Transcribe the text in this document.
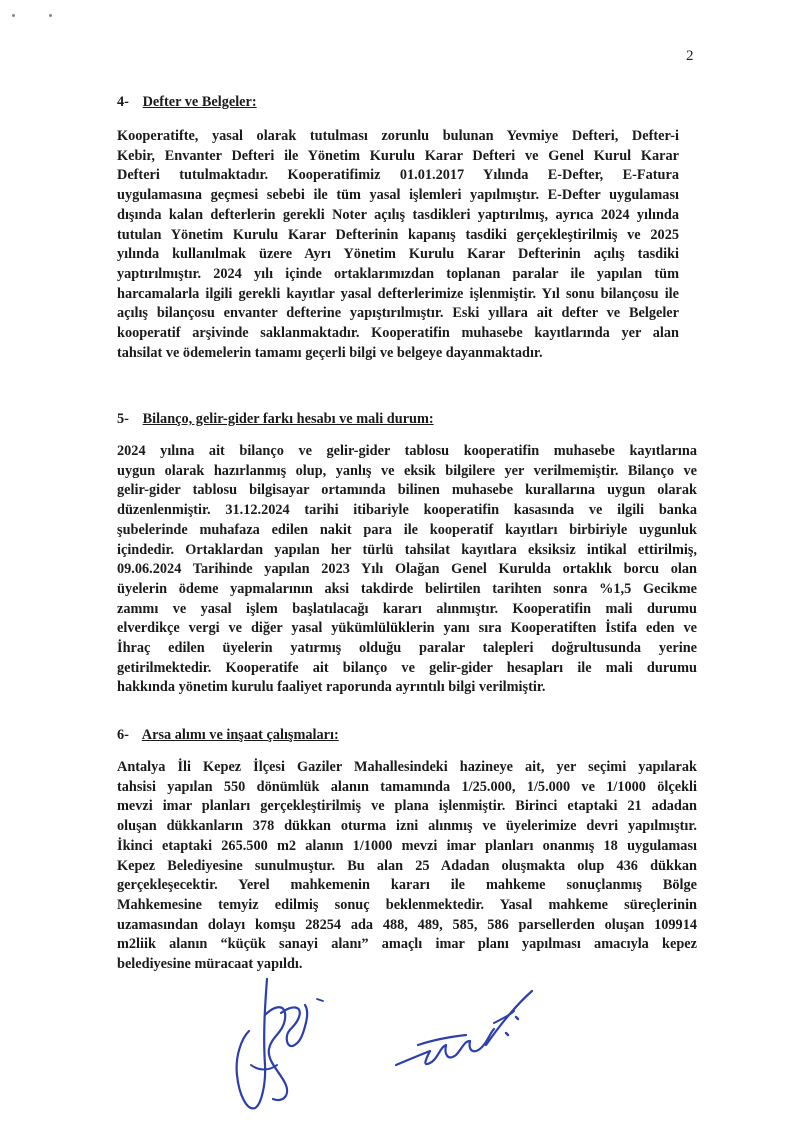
2
4- Defter ve Belgeler:
Kooperatifte, yasal olarak tutulması zorunlu bulunan Yevmiye Defteri, Defter-i
Kebir, Envanter Defteri ile Yönetim Kurulu Karar Defteri ve Genel Kurul Karar
Defteri tutulmaktadır. Kooperatifimiz 01.01.2017 Yılında E-Defter, E-Fatura
uygulamasına geçmesi sebebi ile tüm yasal işlemleri yapılmıştır. E-Defter uygulaması
dışında kalan defterlerin gerekli Noter açılış tasdikleri yaptırılmış, ayrıca 2024 yılında
tutulan Yönetim Kurulu Karar Defterinin kapanış tasdiki gerçekleştirilmiş ve 2025
yılında kullanılmak üzere Ayrı Yönetim Kurulu Karar Defterinin açılış tasdiki
yaptırılmıştır. 2024 yılı içinde ortaklarımızdan toplanan paralar ile yapılan tüm
harcamalarla ilgili gerekli kayıtlar yasal defterlerimize işlenmiştir. Yıl sonu bilançosu ile
açılış bilançosu envanter defterine yapıştırılmıştır. Eski yıllara ait defter ve Belgeler
kooperatif arşivinde saklanmaktadır. Kooperatifin muhasebe kayıtlarında yer alan
tahsilat ve ödemelerin tamamı geçerli bilgi ve belgeye dayanmaktadır.
5- Bilanço, gelir-gider farkı hesabı ve mali durum:
2024 yılına ait bilanço ve gelir-gider tablosu kooperatifin muhasebe kayıtlarına
uygun olarak hazırlanmış olup, yanlış ve eksik bilgilere yer verilmemiştir. Bilanço ve
gelir-gider tablosu bilgisayar ortamında bilinen muhasebe kurallarına uygun olarak
düzenlenmiştir. 31.12.2024 tarihi itibariyle kooperatifin kasasında ve ilgili banka
şubelerinde muhafaza edilen nakit para ile kooperatif kayıtları birbiriyle uygunluk
içindedir. Ortaklardan yapılan her türlü tahsilat kayıtlara eksiksiz intikal ettirilmiş,
09.06.2024 Tarihinde yapılan 2023 Yılı Olağan Genel Kurulda ortaklık borcu olan
üyelerin ödeme yapmalarının aksi takdirde belirtilen tarihten sonra %1,5 Gecikme
zammı ve yasal işlem başlatılacağı kararı alınmıştır. Kooperatifin mali durumu
elverdikçe vergi ve diğer yasal yükümlülüklerin yanı sıra Kooperatiften İstifa eden ve
İhraç edilen üyelerin yatırmış olduğu paralar talepleri doğrultusunda yerine
getirilmektedir. Kooperatife ait bilanço ve gelir-gider hesapları ile mali durumu
hakkında yönetim kurulu faaliyet raporunda ayrıntılı bilgi verilmiştir.
6- Arsa alımı ve inşaat çalışmaları:
Antalya İli Kepez İlçesi Gaziler Mahallesindeki hazineye ait, yer seçimi yapılarak
tahsisi yapılan 550 dönümlük alanın tamamında 1/25.000, 1/5.000 ve 1/1000 ölçekli
mevzi imar planları gerçekleştirilmiş ve plana işlenmiştir. Birinci etaptaki 21 adadan
oluşan dükkanların 378 dükkan oturma izni alınmış ve üyelerimize devri yapılmıştır.
İkinci etaptaki 265.500 m2 alanın 1/1000 mevzi imar planları onanmış 18 uygulaması
Kepez Belediyesine sunulmuştur. Bu alan 25 Adadan oluşmakta olup 436 dükkan
gerçekleşecektir. Yerel mahkemenin kararı ile mahkeme sonuçlanmış Bölge
Mahkemesine temyiz edilmiş sonuç beklenmektedir. Yasal mahkeme süreçlerinin
uzamasından dolayı komşu 28254 ada 488, 489, 585, 586 parsellerden oluşan 109914
m2liik alanın “küçük sanayi alanı” amaçlı imar planı yapılması amacıyla kepez
belediyesine müracaat yapıldı.
